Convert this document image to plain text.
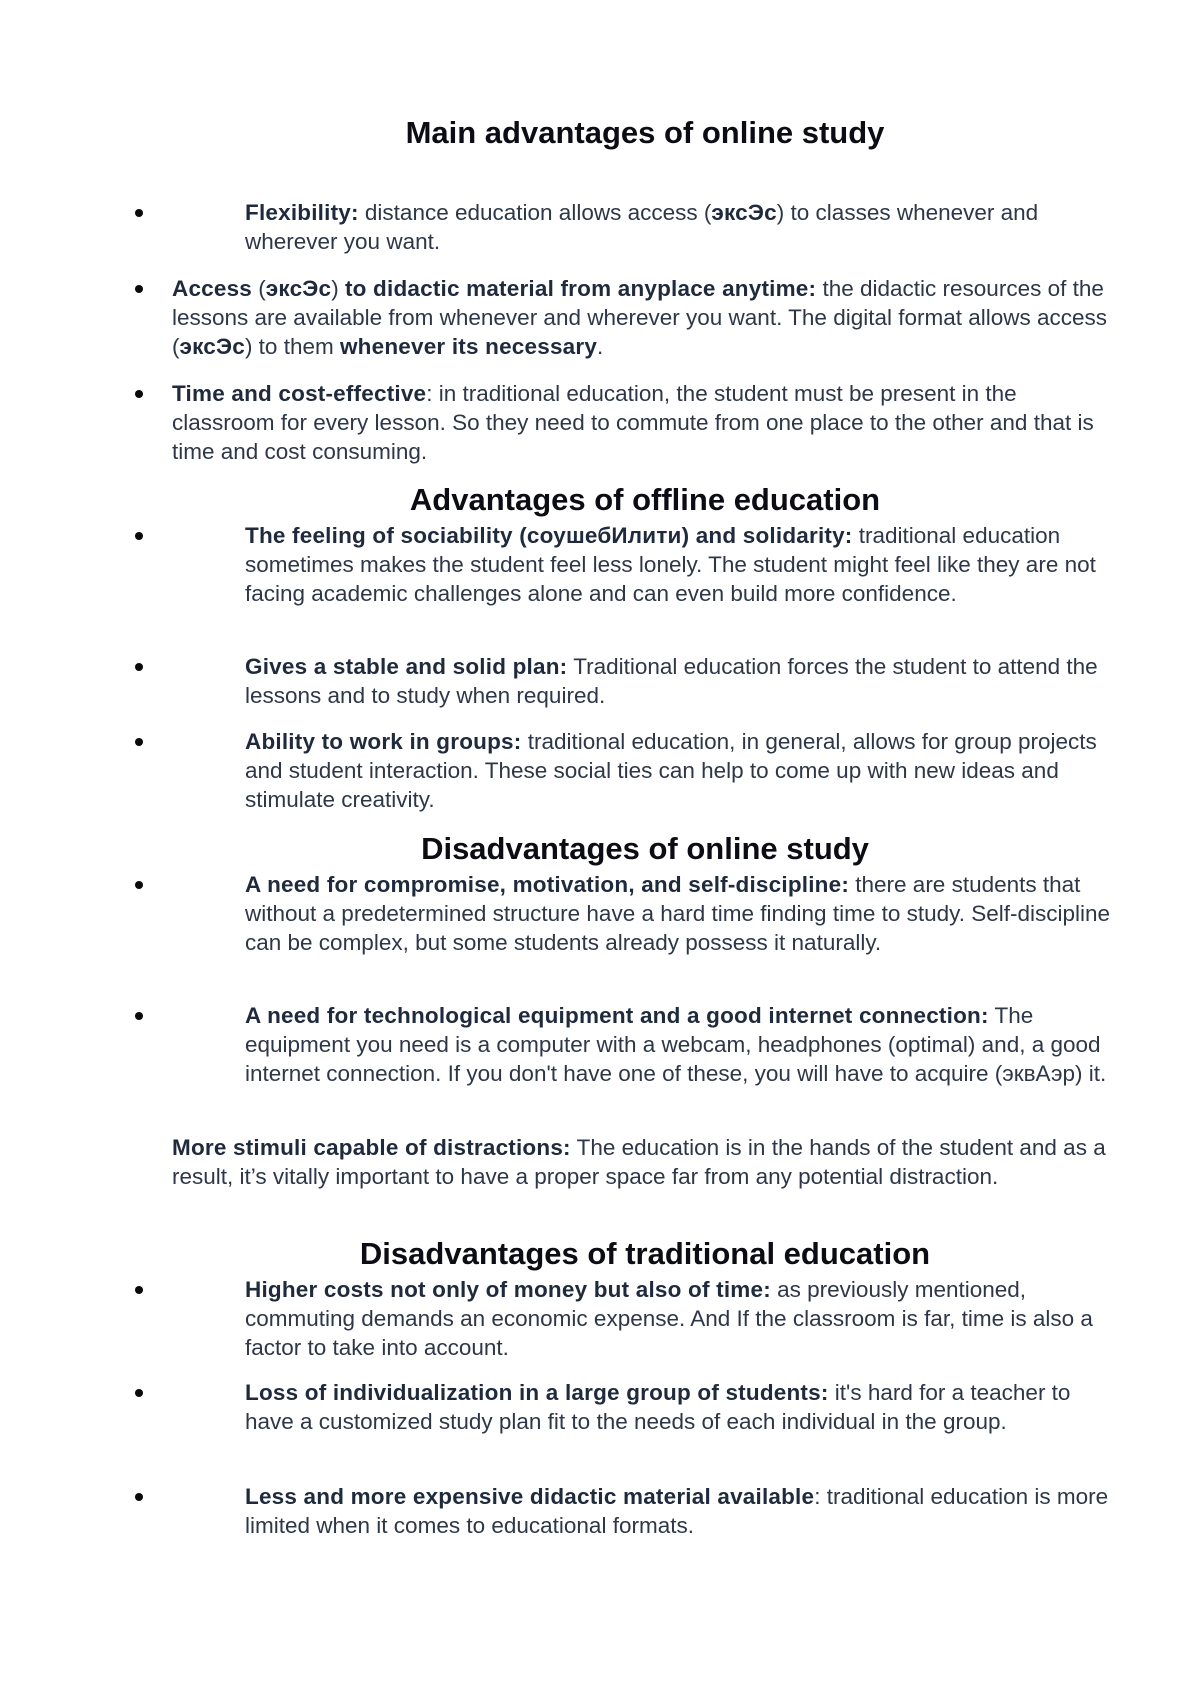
Main advantages of online study

Flexibility: distance education allows access (эксЭс) to classes whenever and wherever you want.

Access (эксЭс) to didactic material from anyplace anytime: the didactic resources of the lessons are available from whenever and wherever you want. The digital format allows access (эксЭс) to them whenever its necessary.

Time and cost-effective: in traditional education, the student must be present in the classroom for every lesson. So they need to commute from one place to the other and that is time and cost consuming.

Advantages of offline education

The feeling of sociability (соушебИлити) and solidarity: traditional education sometimes makes the student feel less lonely. The student might feel like they are not facing academic challenges alone and can even build more confidence.

Gives a stable and solid plan: Traditional education forces the student to attend the lessons and to study when required.

Ability to work in groups: traditional education, in general, allows for group projects and student interaction. These social ties can help to come up with new ideas and stimulate creativity.

Disadvantages of online study

A need for compromise, motivation, and self-discipline: there are students that without a predetermined structure have a hard time finding time to study. Self-discipline can be complex, but some students already possess it naturally.

A need for technological equipment and a good internet connection: The equipment you need is a computer with a webcam, headphones (optimal) and, a good internet connection. If you don't have one of these, you will have to acquire (эквАэр) it.

More stimuli capable of distractions: The education is in the hands of the student and as a result, it’s vitally important to have a proper space far from any potential distraction.

Disadvantages of traditional education

Higher costs not only of money but also of time: as previously mentioned, commuting demands an economic expense. And If the classroom is far, time is also a factor to take into account.

Loss of individualization in a large group of students: it's hard for a teacher to have a customized study plan fit to the needs of each individual in the group.

Less and more expensive didactic material available: traditional education is more limited when it comes to educational formats.
